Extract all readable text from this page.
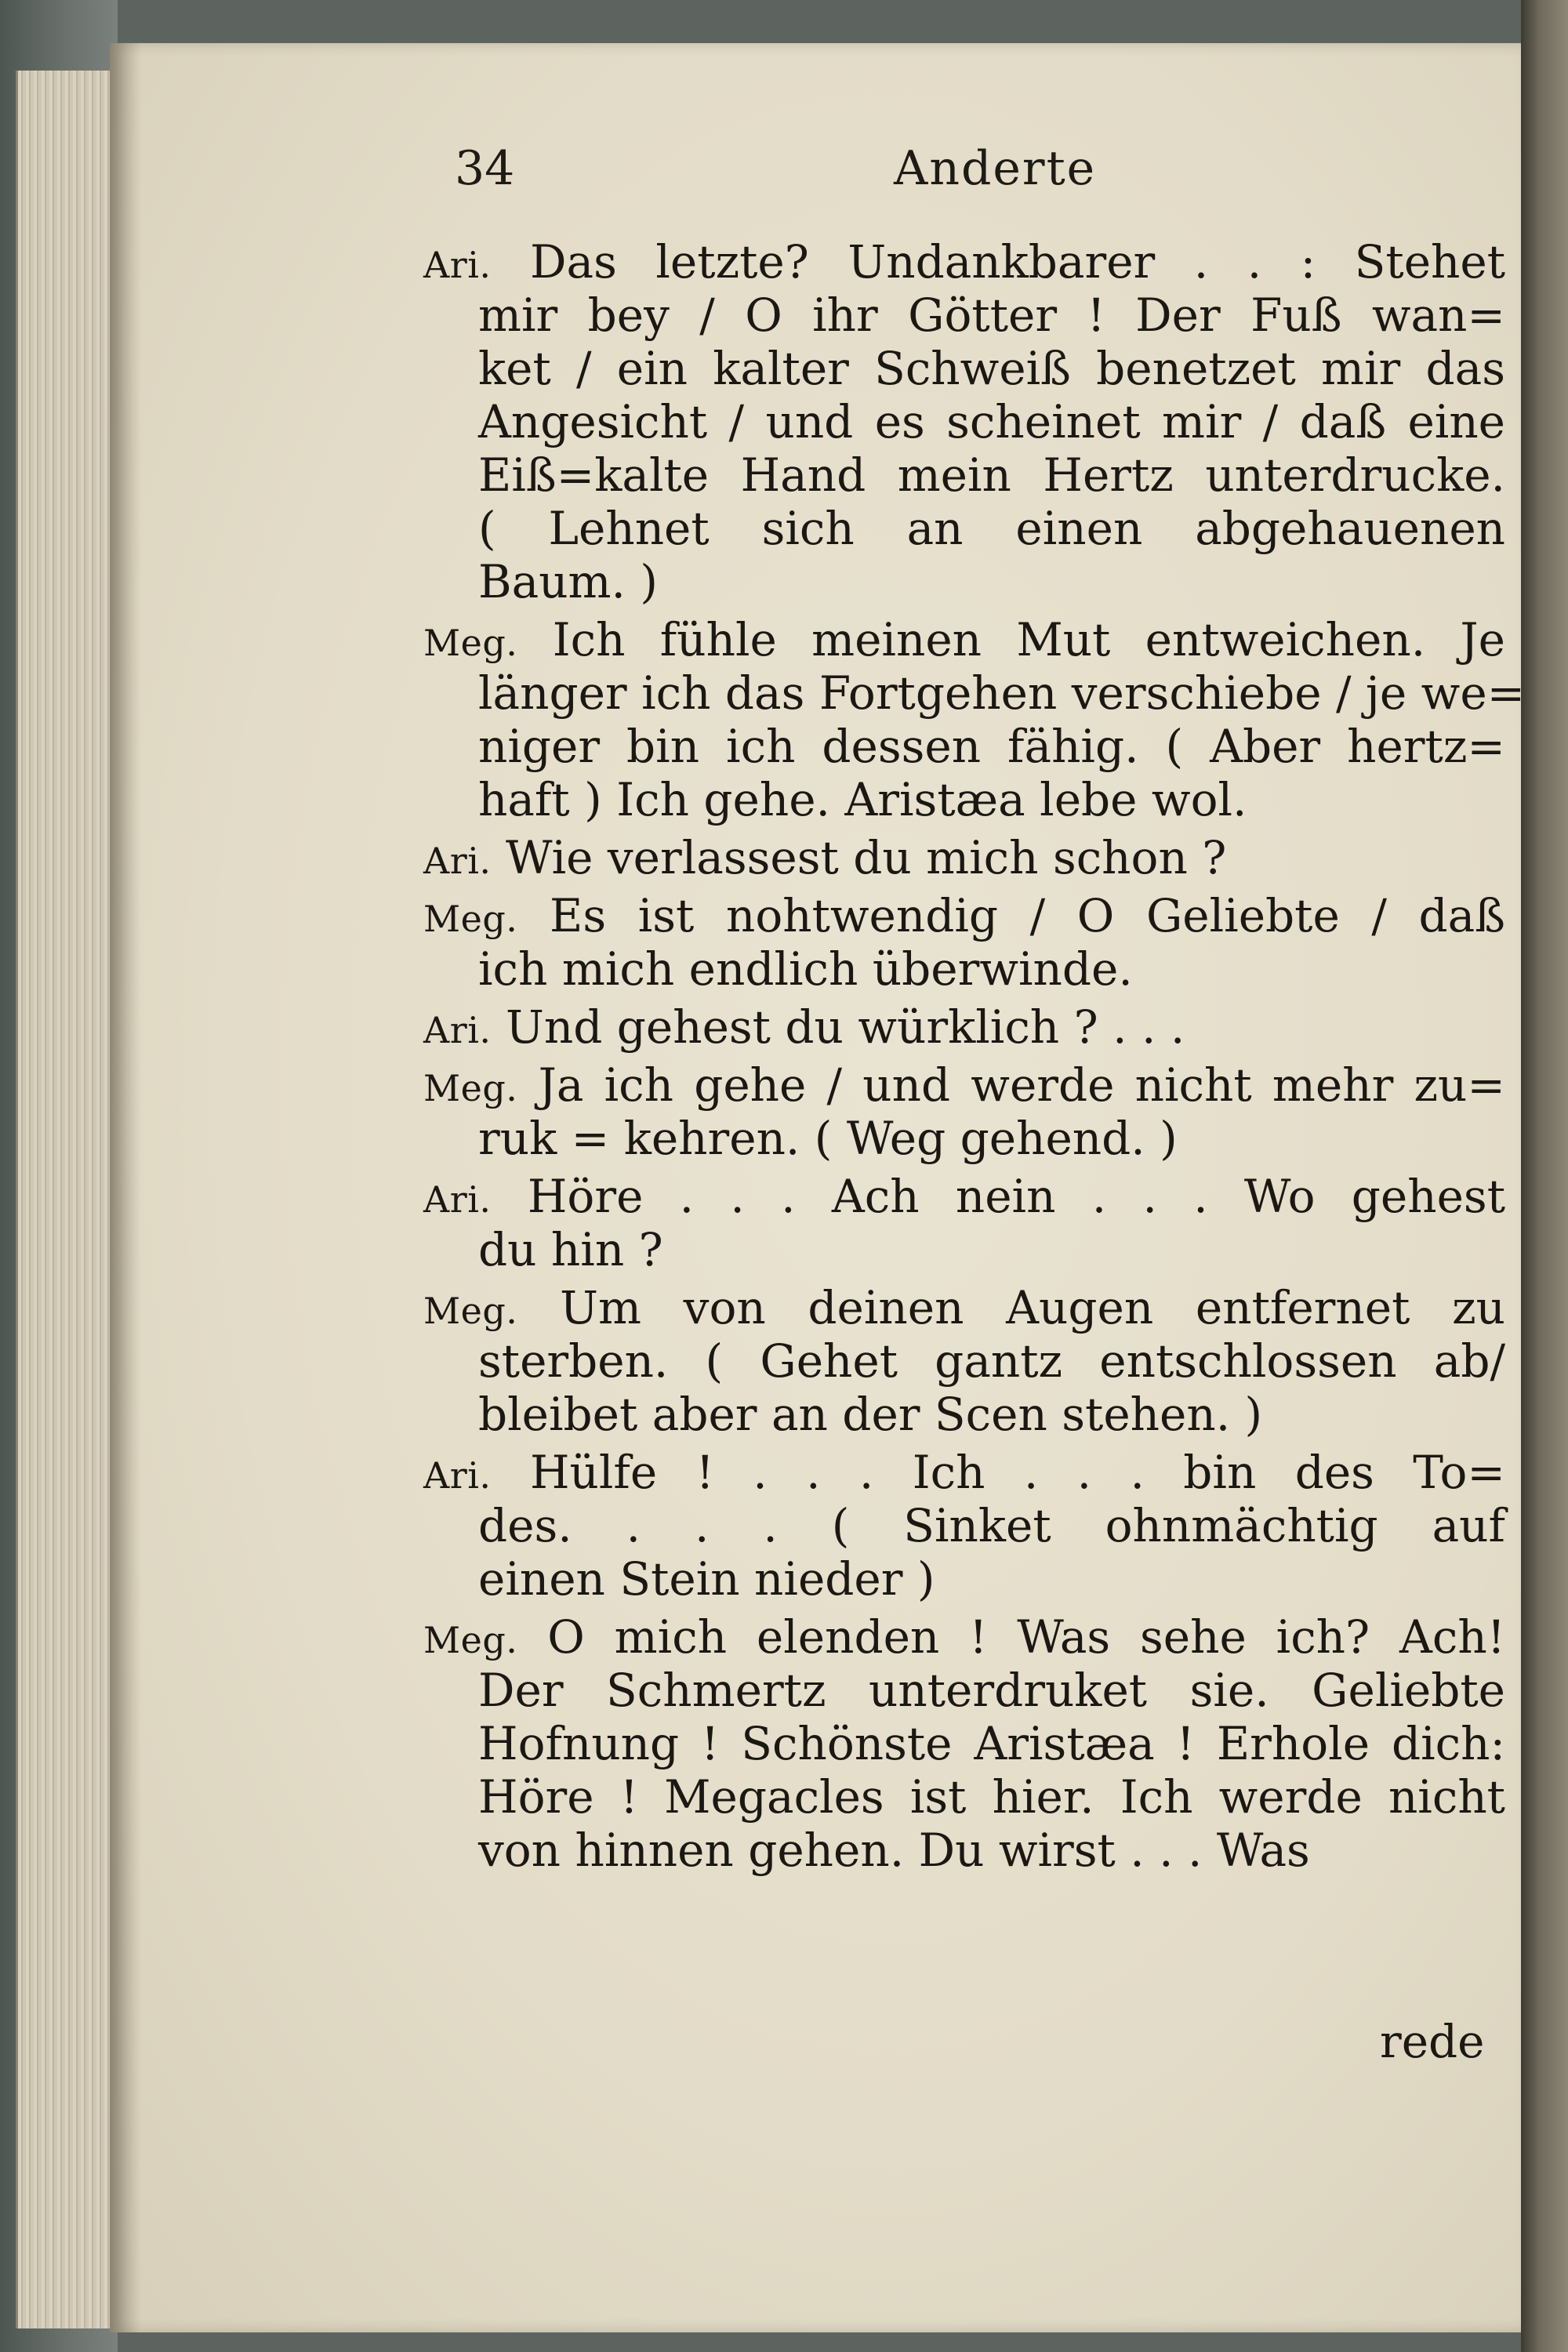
34	Anderte
Ari. Das letzte? Undankbarer . . : Stehet
mir bey / O ihr Götter ! Der Fuß wan=
ket / ein kalter Schweiß benetzet mir das
Angesicht / und es scheinet mir / daß eine
Eiß=kalte Hand mein Hertz unterdrucke.
( Lehnet sich an einen abgehauenen
Baum. )
Meg. Ich fühle meinen Mut entweichen. Je
länger ich das Fortgehen verschiebe / je we=
niger bin ich dessen fähig. ( Aber hertz=
haft ) Ich gehe. Aristæa lebe wol.
Ari. Wie verlassest du mich schon ?
Meg. Es ist nohtwendig / O Geliebte / daß
ich mich endlich überwinde.
Ari. Und gehest du würklich ? . . .
Meg. Ja ich gehe / und werde nicht mehr zu=
ruk = kehren. ( Weg gehend. )
Ari. Höre . . . Ach nein . . . Wo gehest
du hin ?
Meg. Um von deinen Augen entfernet zu
sterben. ( Gehet gantz entschlossen ab/
bleibet aber an der Scen stehen. )
Ari. Hülfe ! . . . Ich . . . bin des To=
des. . . . ( Sinket ohnmächtig auf
einen Stein nieder )
Meg. O mich elenden ! Was sehe ich? Ach!
Der Schmertz unterdruket sie. Geliebte
Hofnung ! Schönste Aristæa ! Erhole dich:
Höre ! Megacles ist hier. Ich werde nicht
von hinnen gehen. Du wirst . . . Was
rede
